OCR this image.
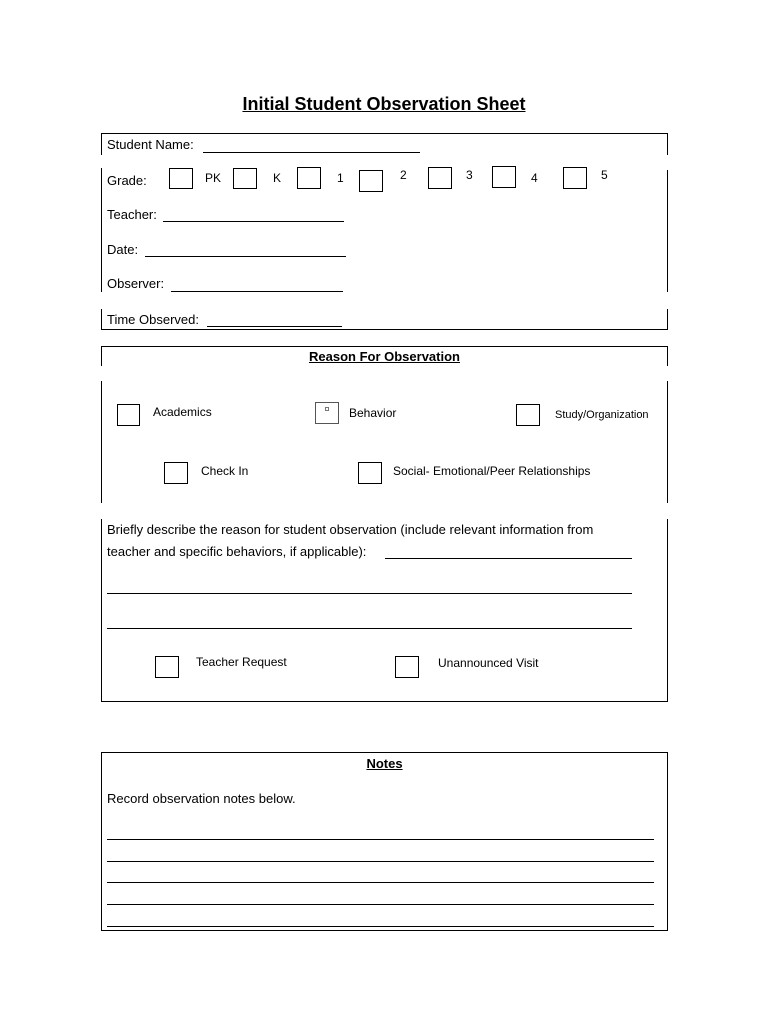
Initial Student Observation Sheet
Student Name:
Grade:	PK	K	1	2	3	4	5
Teacher:
Date:
Observer:
Time Observed:
Reason For Observation
Academics	Behavior	Study/Organization
Check In	Social- Emotional/Peer Relationships
Briefly describe the reason for student observation (include relevant information from
teacher and specific behaviors, if applicable):
Teacher Request	Unannounced Visit
Notes
Record observation notes below.
